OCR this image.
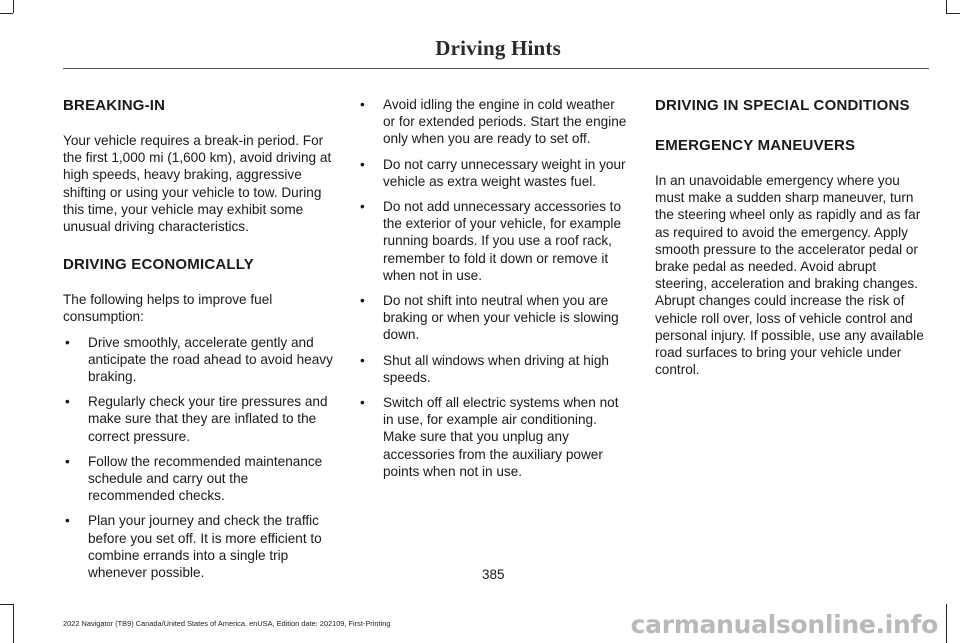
Driving Hints
BREAKING-IN

Your vehicle requires a break-in period. For the first 1,000 mi (1,600 km), avoid driving at high speeds, heavy braking, aggressive shifting or using your vehicle to tow. During this time, your vehicle may exhibit some unusual driving characteristics.

DRIVING ECONOMICALLY

The following helps to improve fuel consumption:

• Drive smoothly, accelerate gently and anticipate the road ahead to avoid heavy braking.
• Regularly check your tire pressures and make sure that they are inflated to the correct pressure.
• Follow the recommended maintenance schedule and carry out the recommended checks.
• Plan your journey and check the traffic before you set off. It is more efficient to combine errands into a single trip whenever possible.
• Avoid idling the engine in cold weather or for extended periods. Start the engine only when you are ready to set off.
• Do not carry unnecessary weight in your vehicle as extra weight wastes fuel.
• Do not add unnecessary accessories to the exterior of your vehicle, for example running boards. If you use a roof rack, remember to fold it down or remove it when not in use.
• Do not shift into neutral when you are braking or when your vehicle is slowing down.
• Shut all windows when driving at high speeds.
• Switch off all electric systems when not in use, for example air conditioning. Make sure that you unplug any accessories from the auxiliary power points when not in use.
DRIVING IN SPECIAL CONDITIONS
EMERGENCY MANEUVERS

In an unavoidable emergency where you must make a sudden sharp maneuver, turn the steering wheel only as rapidly and as far as required to avoid the emergency. Apply smooth pressure to the accelerator pedal or brake pedal as needed. Avoid abrupt steering, acceleration and braking changes. Abrupt changes could increase the risk of vehicle roll over, loss of vehicle control and personal injury. If possible, use any available road surfaces to bring your vehicle under control.

385
2022 Navigator (TB9) Canada/United States of America, enUSA, Edition date: 202109, First-Printing	carmanualsonline.info
